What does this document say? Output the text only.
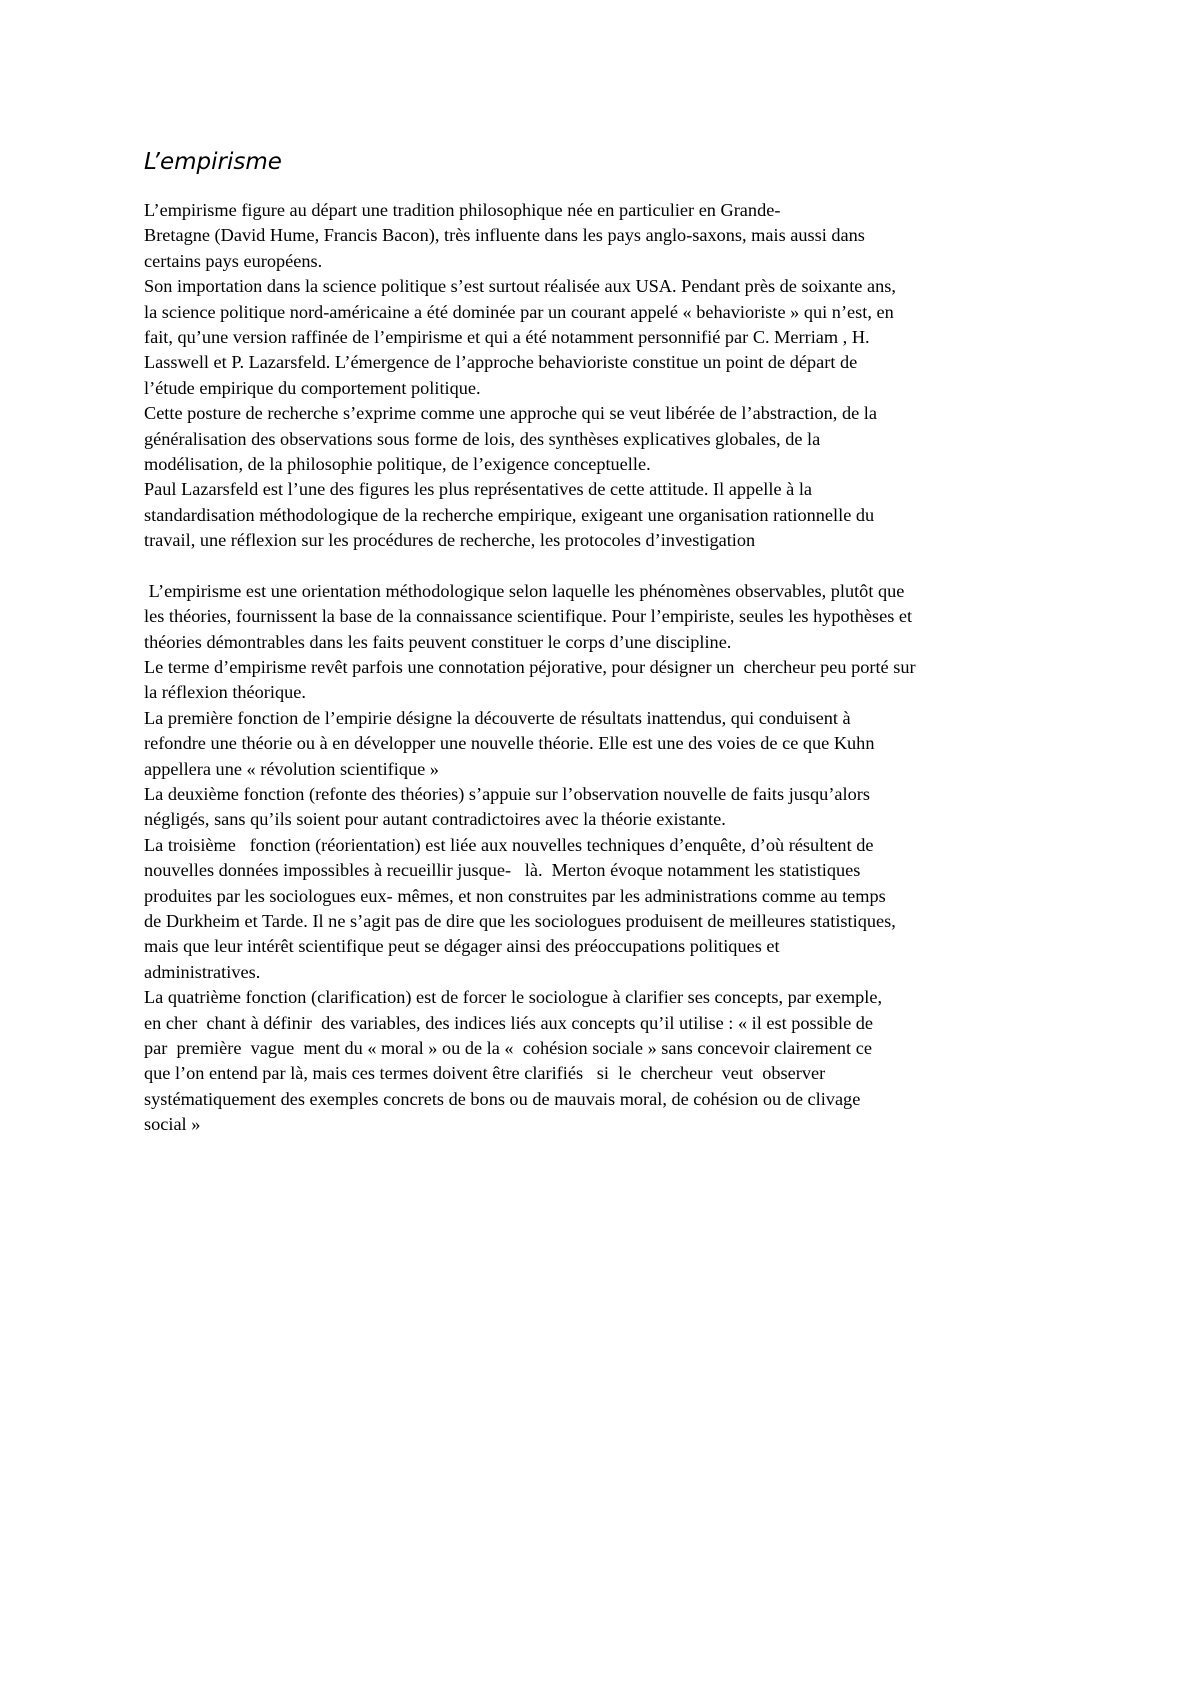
L’empirisme
L’empirisme figure au départ une tradition philosophique née en particulier en Grande-
Bretagne (David Hume, Francis Bacon), très influente dans les pays anglo-saxons, mais aussi dans
certains pays européens.
Son importation dans la science politique s’est surtout réalisée aux USA. Pendant près de soixante ans,
la science politique nord-américaine a été dominée par un courant appelé « behavioriste » qui n’est, en
fait, qu’une version raffinée de l’empirisme et qui a été notamment personnifié par C. Merriam , H.
Lasswell et P. Lazarsfeld. L’émergence de l’approche behavioriste constitue un point de départ de
l’étude empirique du comportement politique.
Cette posture de recherche s’exprime comme une approche qui se veut libérée de l’abstraction, de la
généralisation des observations sous forme de lois, des synthèses explicatives globales, de la
modélisation, de la philosophie politique, de l’exigence conceptuelle.
Paul Lazarsfeld est l’une des figures les plus représentatives de cette attitude. Il appelle à la
standardisation méthodologique de la recherche empirique, exigeant une organisation rationnelle du
travail, une réflexion sur les procédures de recherche, les protocoles d’investigation
L’empirisme est une orientation méthodologique selon laquelle les phénomènes observables, plutôt que
les théories, fournissent la base de la connaissance scientifique. Pour l’empiriste, seules les hypothèses et
théories démontrables dans les faits peuvent constituer le corps d’une discipline.
Le terme d’empirisme revêt parfois une connotation péjorative, pour désigner un  chercheur peu porté sur
la réflexion théorique.
La première fonction de l’empirie désigne la découverte de résultats inattendus, qui conduisent à
refondre une théorie ou à en développer une nouvelle théorie. Elle est une des voies de ce que Kuhn
appellera une « révolution scientifique »
La deuxième fonction (refonte des théories) s’appuie sur l’observation nouvelle de faits jusqu’alors
négligés, sans qu’ils soient pour autant contradictoires avec la théorie existante.
La troisième   fonction (réorientation) est liée aux nouvelles techniques d’enquête, d’où résultent de
nouvelles données impossibles à recueillir jusque-   là.  Merton évoque notamment les statistiques
produites par les sociologues eux- mêmes, et non construites par les administrations comme au temps
de Durkheim et Tarde. Il ne s’agit pas de dire que les sociologues produisent de meilleures statistiques,
mais que leur intérêt scientifique peut se dégager ainsi des préoccupations politiques et
administratives.
La quatrième fonction (clarification) est de forcer le sociologue à clarifier ses concepts, par exemple,
en cher  chant à définir  des variables, des indices liés aux concepts qu’il utilise : « il est possible de
par  première  vague  ment du « moral » ou de la «  cohésion sociale » sans concevoir clairement ce
que l’on entend par là, mais ces termes doivent être clarifiés   si  le  chercheur  veut  observer
systématiquement des exemples concrets de bons ou de mauvais moral, de cohésion ou de clivage
social »
